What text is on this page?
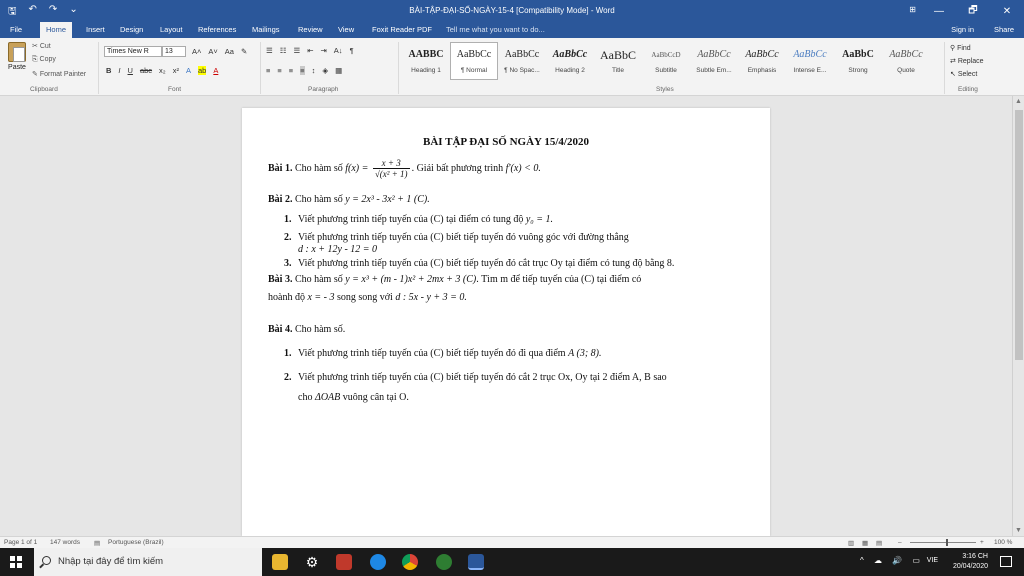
🖫 ↶ ↷ ⌄	BÀI-TẬP-ĐẠI-SỐ-NGÀY-15-4 [Compatibility Mode] - Word	⊞	—	🗗	✕
File	Home	Insert	Design	Layout	References	Mailings	Review	View	Foxit Reader PDF	Tell me what you want to do...	Sign in	Share
Paste
✂ Cut
⎘ Copy
✎ Format Painter
Clipboard
Times New R	13	A˄ A˅ Aa ✎
B I U abc x₂ x² A ab A
Font
☰ ☷ ☰ ⇤ ⇥ A↓ ¶
≡ ≡ ≡ ≡ ↕ ◈ ▦
Paragraph
AABBC
Heading 1
AaBbCc
¶ Normal
AaBbCc
¶ No Spac...
AaBbCc
Heading 2
AaBbC
Title
AaBbCcD
Subtitle
AaBbCc
Subtle Em...
AaBbCc
Emphasis
AaBbCc
Intense E...
AaBbC
Strong
AaBbCc
Quote
Styles
⚲ Find
⇄ Replace
↖ Select
Editing
▲
▼
BÀI TẬP ĐẠI SỐ NGÀY 15/4/2020
Bài 1. Cho hàm số $f(x) = \frac{x + 3}{\text{√(x² + 1)}}$ . Giải bất phương trình f'(x) < 0.
Bài 2. Cho hàm số y = 2x³ - 3x² + 1 (C).
1. Viết phương trình tiếp tuyến của (C) tại điểm có tung độ y₀ = 1.
2. Viết phương trình tiếp tuyến của (C) biết tiếp tuyến đó vuông góc với đường thẳng
d : x + 12y - 12 = 0
3. Viết phương trình tiếp tuyến của (C) biết tiếp tuyến đó cắt trục Oy tại điểm có tung độ bằng 8.
Bài 3. Cho hàm số y = x³ + (m - 1)x² + 2mx + 3 (C). Tìm m để tiếp tuyến của (C) tại điểm có
hoành độ x = - 3 song song với d : 5x - y + 3 = 0.
Bài 4. Cho hàm số.
1. Viết phương trình tiếp tuyến của (C) biết tiếp tuyến đó đi qua điểm A (3; 8).
2. Viết phương trình tiếp tuyến của (C) biết tiếp tuyến đó cắt 2 trục Ox, Oy tại 2 điểm A, B sao
cho ΔOAB vuông cân tại O.
Page 1 of 1 147 words ▤ Portuguese (Brazil)	▥ ▦ ▤ –	+ 100 %
Nhập tại đây để tìm kiếm	⚙	^ ☁ 🔊 ▭ VIE
3:16 CH
20/04/2020
